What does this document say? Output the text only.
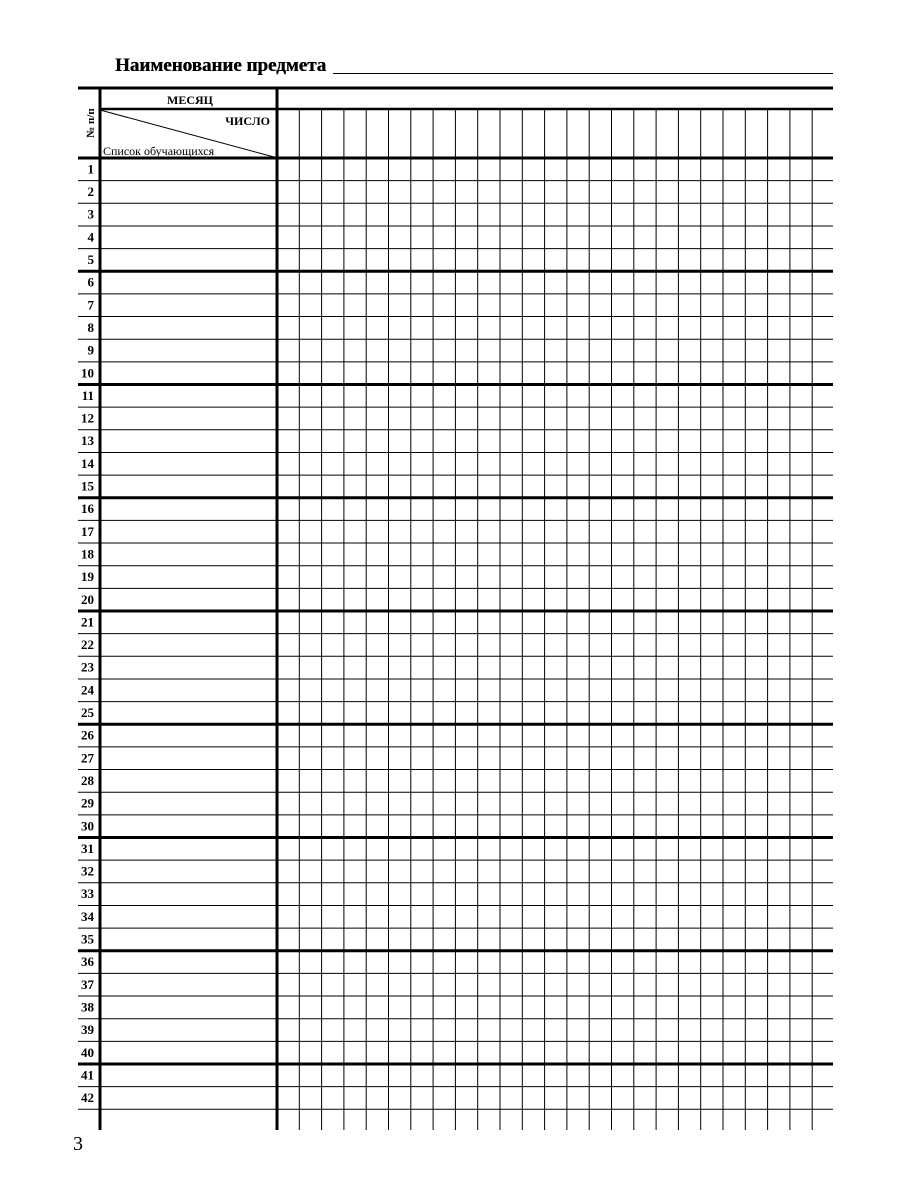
Наименование предмета
1
2
3
4
5
6
7
8
9
10
11
12
13
14
15
16
17
18
19
20
21
22
23
24
25
26
27
28
29
30
31
32
33
34
35
36
37
38
39
40
41
42
МЕСЯЦ
ЧИСЛО
Список обучающихся
№ п/п
3
